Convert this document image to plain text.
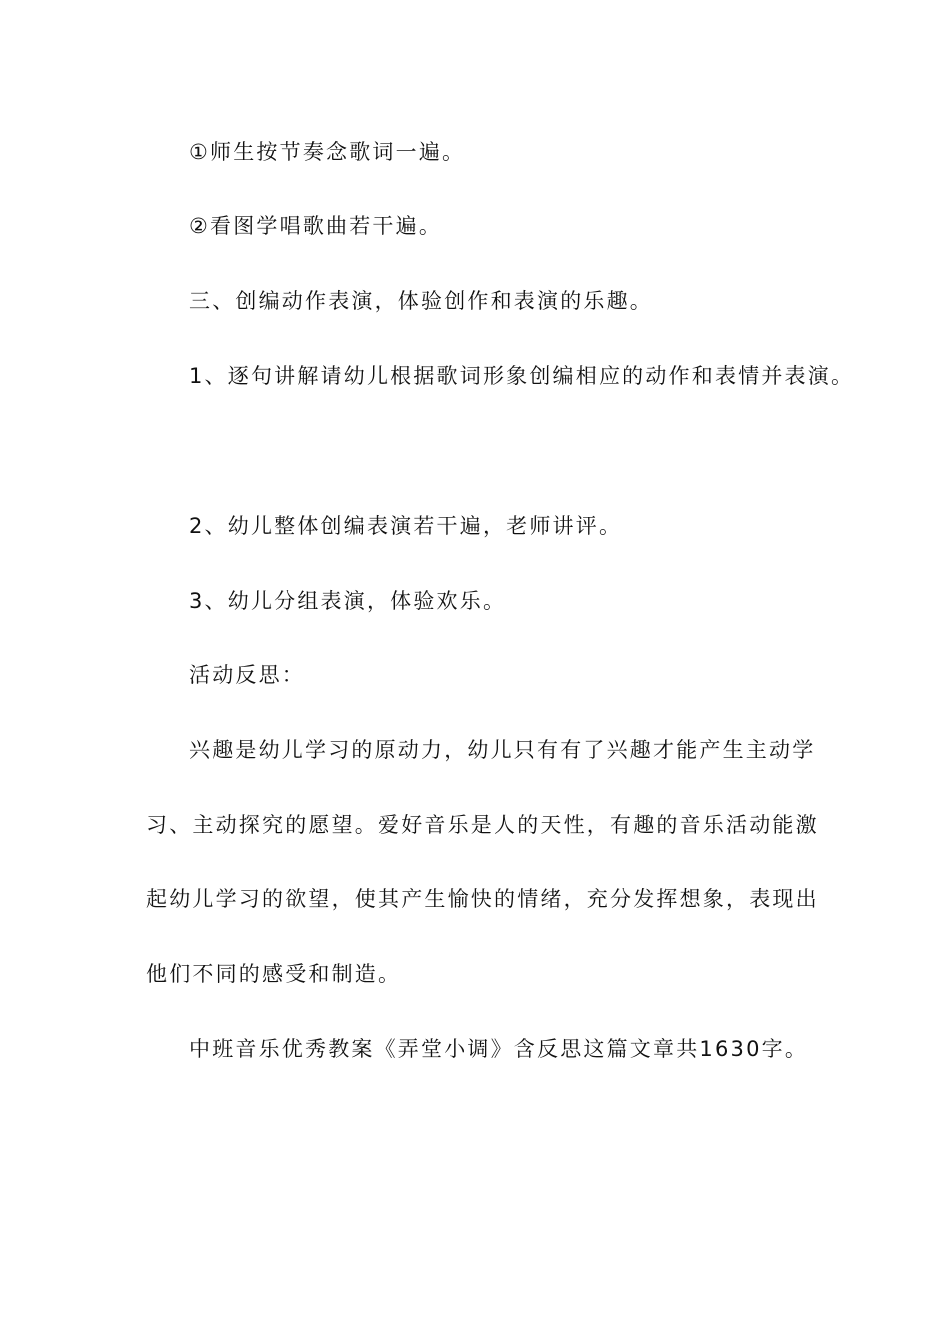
①师生按节奏念歌词一遍。
②看图学唱歌曲若干遍。
三、创编动作表演，体验创作和表演的乐趣。
1、逐句讲解请幼儿根据歌词形象创编相应的动作和表情并表演。
2、幼儿整体创编表演若干遍，老师讲评。
3、幼儿分组表演，体验欢乐。
活动反思：
兴趣是幼儿学习的原动力，幼儿只有有了兴趣才能产生主动学
习、主动探究的愿望。爱好音乐是人的天性，有趣的音乐活动能激
起幼儿学习的欲望，使其产生愉快的情绪，充分发挥想象，表现出
他们不同的感受和制造。
中班音乐优秀教案《弄堂小调》含反思这篇文章共1630字。
